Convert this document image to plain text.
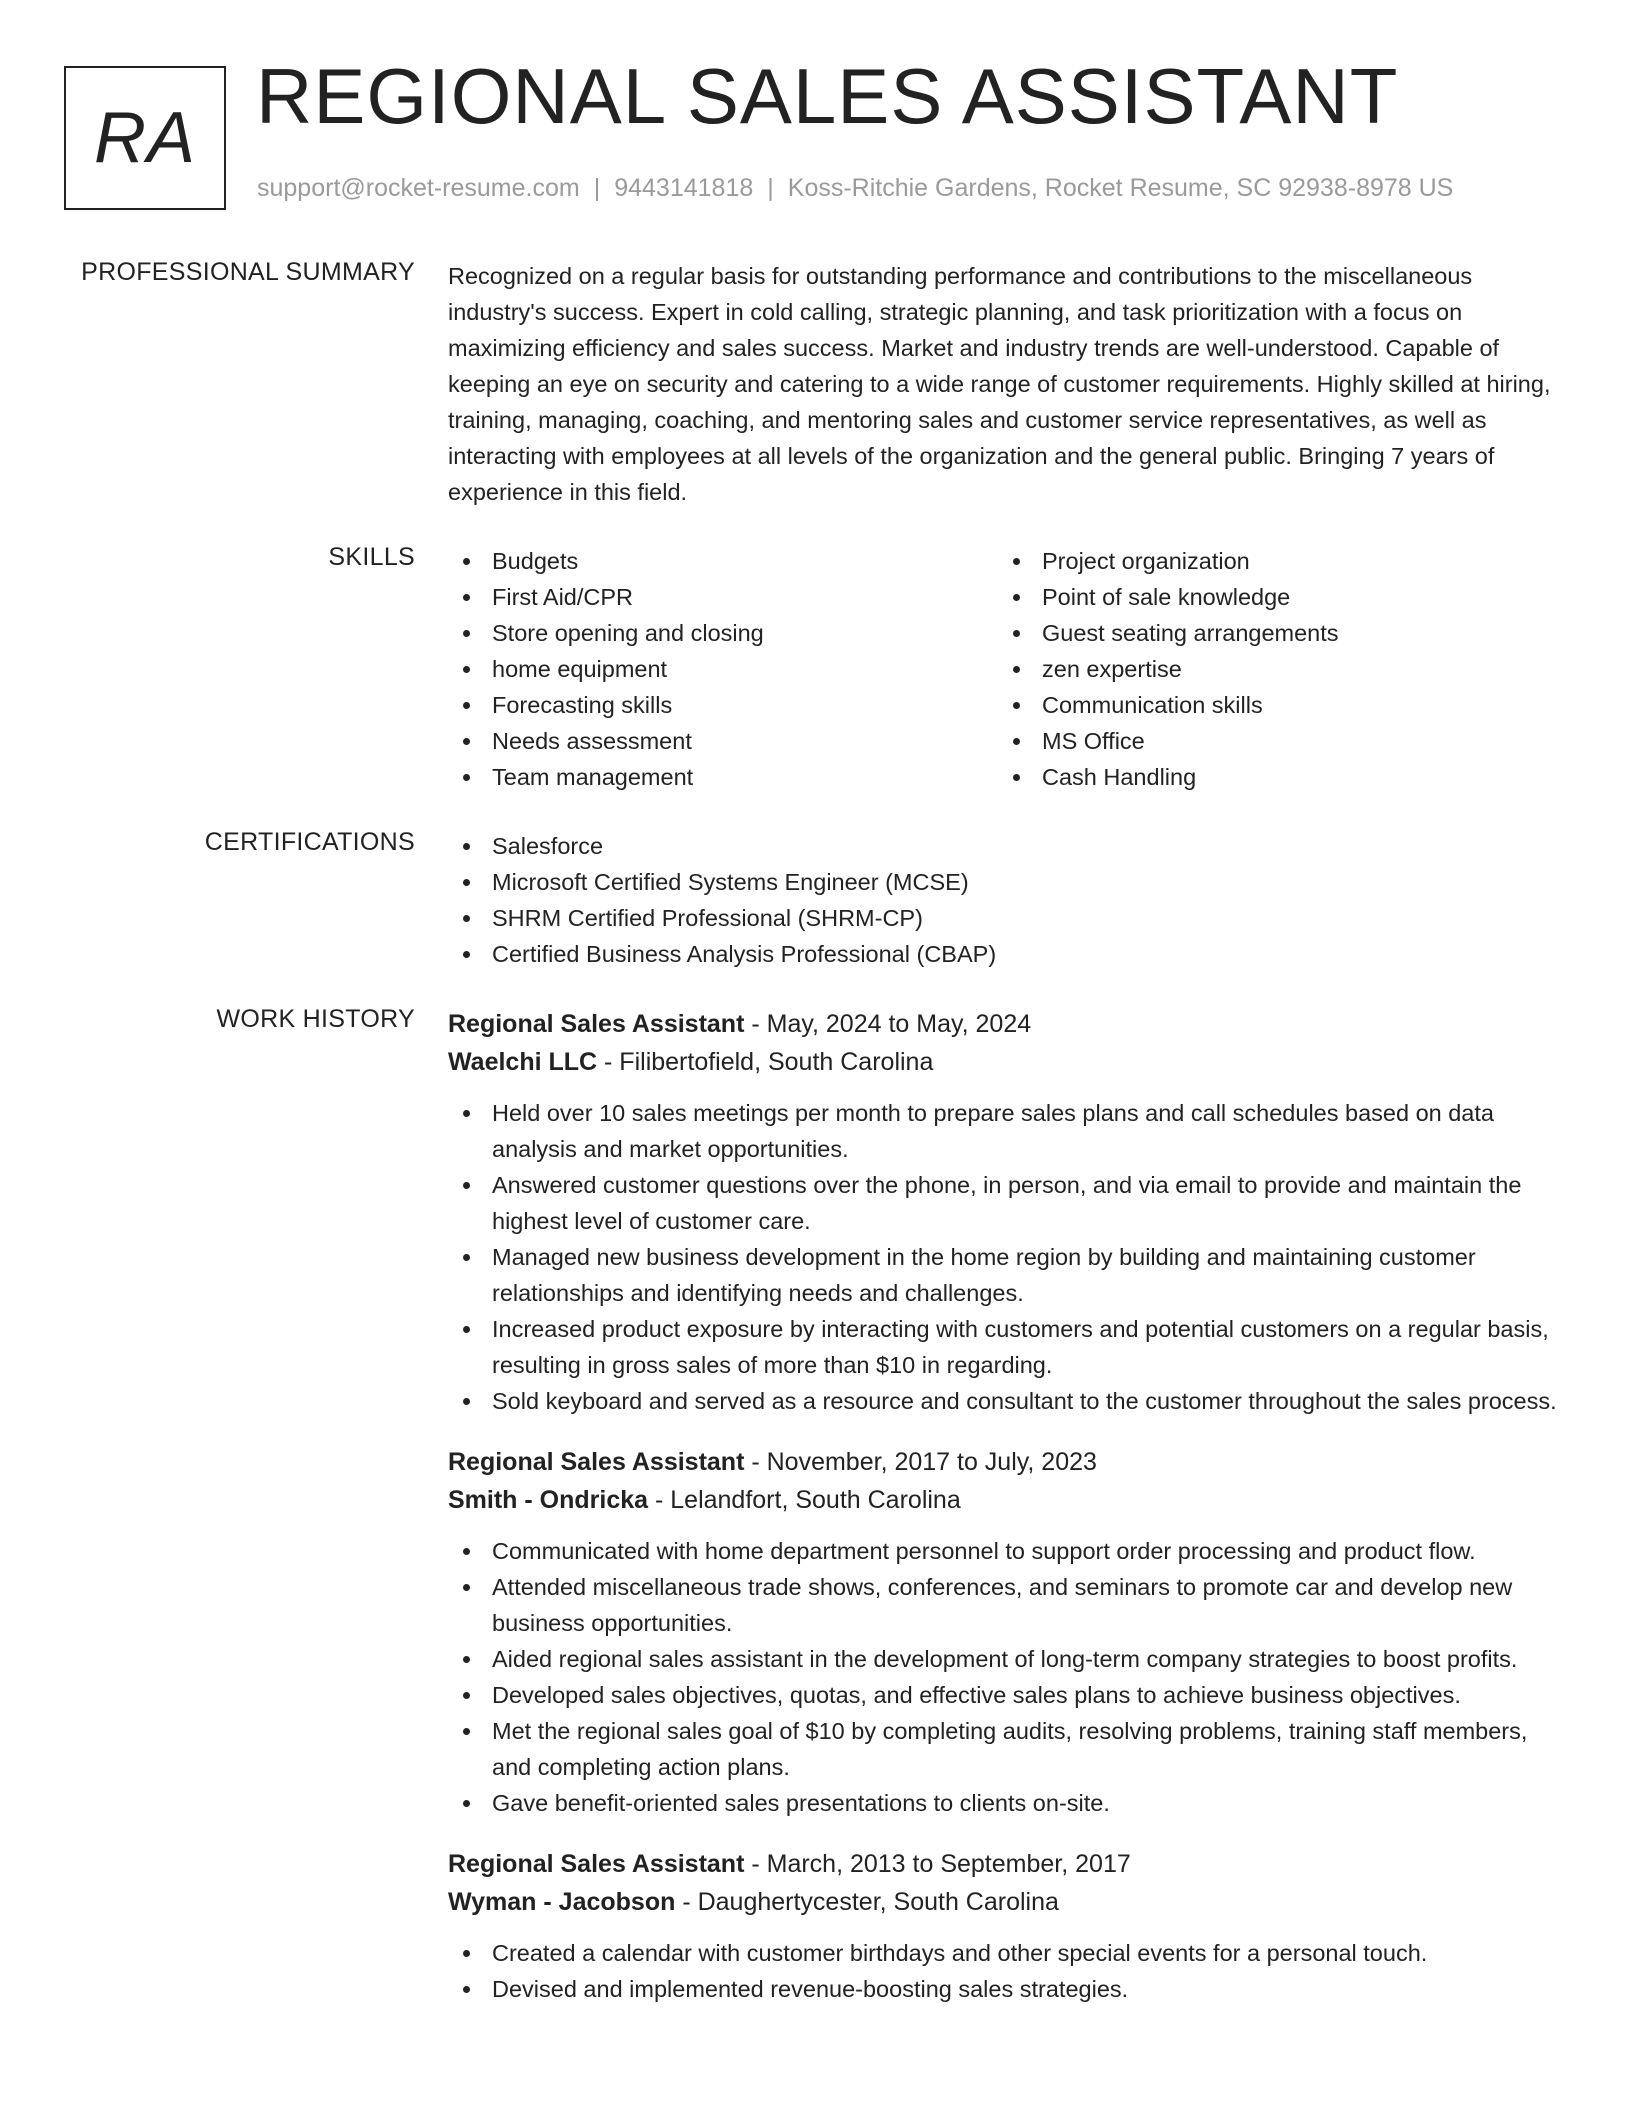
RA REGIONAL SALES ASSISTANT
support@rocket-resume.com | 9443141818 | Koss-Ritchie Gardens, Rocket Resume, SC 92938-8978 US
PROFESSIONAL SUMMARY Recognized on a regular basis for outstanding performance and contributions to the miscellaneous industry's success. Expert in cold calling, strategic planning, and task prioritization with a focus on maximizing efficiency and sales success. Market and industry trends are well-understood. Capable of keeping an eye on security and catering to a wide range of customer requirements. Highly skilled at hiring, training, managing, coaching, and mentoring sales and customer service representatives, as well as interacting with employees at all levels of the organization and the general public. Bringing 7 years of experience in this field.

SKILLS	Budgets
First Aid/CPR
Store opening and closing
home equipment
Forecasting skills
Needs assessment
Team management
Project organization
Point of sale knowledge
Guest seating arrangements
zen expertise
Communication skills
MS Office
Cash Handling
CERTIFICATIONS	Salesforce
Microsoft Certified Systems Engineer (MCSE)
SHRM Certified Professional (SHRM-CP)
Certified Business Analysis Professional (CBAP)
WORK HISTORY Regional Sales Assistant - May, 2024 to May, 2024
Waelchi LLC - Filibertofield, South Carolina
Held over 10 sales meetings per month to prepare sales plans and call schedules based on data analysis and market opportunities.
Answered customer questions over the phone, in person, and via email to provide and maintain the highest level of customer care.
Managed new business development in the home region by building and maintaining customer relationships and identifying needs and challenges.
Increased product exposure by interacting with customers and potential customers on a regular basis, resulting in gross sales of more than $10 in regarding.
Sold keyboard and served as a resource and consultant to the customer throughout the sales process.
Regional Sales Assistant - November, 2017 to July, 2023
Smith - Ondricka - Lelandfort, South Carolina
Communicated with home department personnel to support order processing and product flow.
Attended miscellaneous trade shows, conferences, and seminars to promote car and develop new business opportunities.
Aided regional sales assistant in the development of long-term company strategies to boost profits.
Developed sales objectives, quotas, and effective sales plans to achieve business objectives.
Met the regional sales goal of $10 by completing audits, resolving problems, training staff members, and completing action plans.
Gave benefit-oriented sales presentations to clients on-site.
Regional Sales Assistant - March, 2013 to September, 2017
Wyman - Jacobson - Daughertycester, South Carolina
Created a calendar with customer birthdays and other special events for a personal touch.
Devised and implemented revenue-boosting sales strategies.
